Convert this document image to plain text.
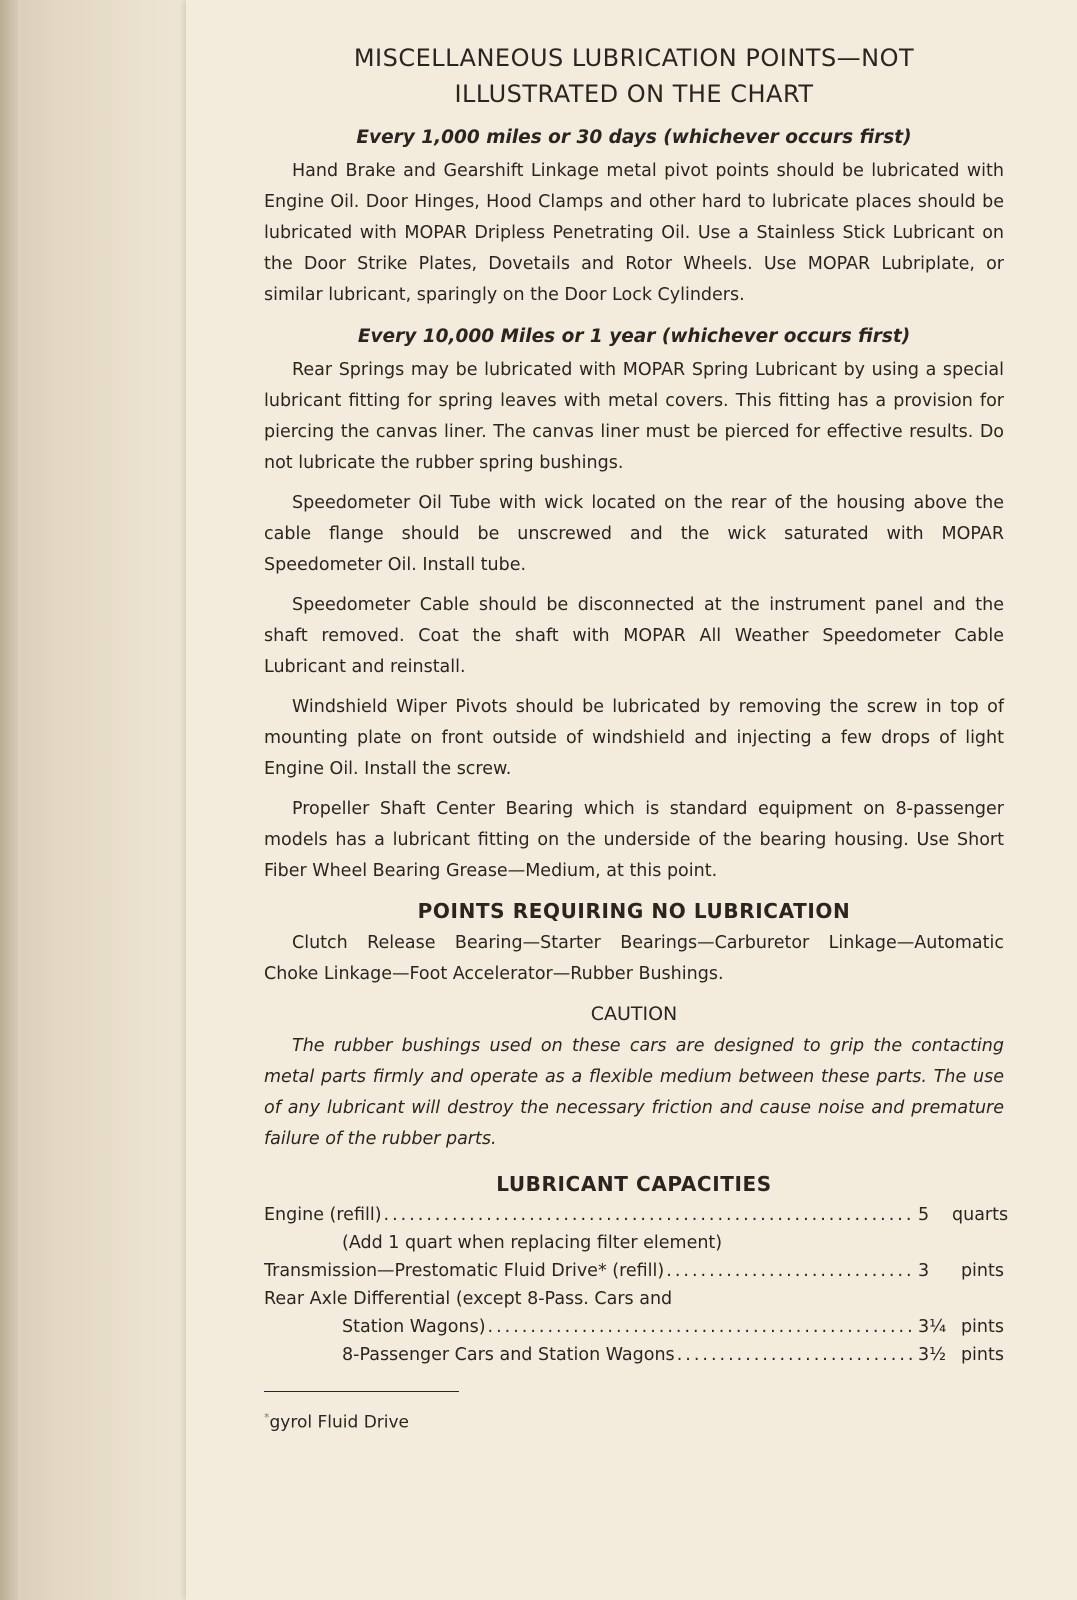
MISCELLANEOUS LUBRICATION POINTS—NOT
ILLUSTRATED ON THE CHART
Every 1,000 miles or 30 days (whichever occurs first)

Hand Brake and Gearshift Linkage metal pivot points should be lubricated with Engine Oil. Door Hinges, Hood Clamps and other hard to lubricate places should be lubricated with MOPAR Dripless Penetrating Oil. Use a Stainless Stick Lubricant on the Door Strike Plates, Dovetails and Rotor Wheels. Use MOPAR Lubriplate, or similar lubricant, sparingly on the Door Lock Cylinders.

Every 10,000 Miles or 1 year (whichever occurs first)

Rear Springs may be lubricated with MOPAR Spring Lubricant by using a special lubricant fitting for spring leaves with metal covers. This fitting has a provision for piercing the canvas liner. The canvas liner must be pierced for effective results. Do not lubricate the rubber spring bushings.

Speedometer Oil Tube with wick located on the rear of the housing above the cable flange should be unscrewed and the wick saturated with MOPAR Speedometer Oil. Install tube.

Speedometer Cable should be disconnected at the instrument panel and the shaft removed. Coat the shaft with MOPAR All Weather Speedometer Cable Lubricant and reinstall.

Windshield Wiper Pivots should be lubricated by removing the screw in top of mounting plate on front outside of windshield and injecting a few drops of light Engine Oil. Install the screw.

Propeller Shaft Center Bearing which is standard equipment on 8-passenger models has a lubricant fitting on the underside of the bearing housing. Use Short Fiber Wheel Bearing Grease—Medium, at this point.

POINTS REQUIRING NO LUBRICATION

Clutch Release Bearing—Starter Bearings—Carburetor Linkage—Automatic Choke Linkage—Foot Accelerator—Rubber Bushings.

CAUTION

The rubber bushings used on these cars are designed to grip the contacting metal parts firmly and operate as a flexible medium between these parts. The use of any lubricant will destroy the necessary friction and cause noise and premature failure of the rubber parts.

LUBRICANT CAPACITIES
Engine (refill) .....	5	quarts
(Add 1 quart when replacing filter element)
Transmission—Prestomatic Fluid Drive* (refill) .....	3	pints
Rear Axle Differential (except 8-Pass. Cars and
Station Wagons) .....	3¼ pints
8-Passenger Cars and Station Wagons .....	3½ pints
*gyrol Fluid Drive
